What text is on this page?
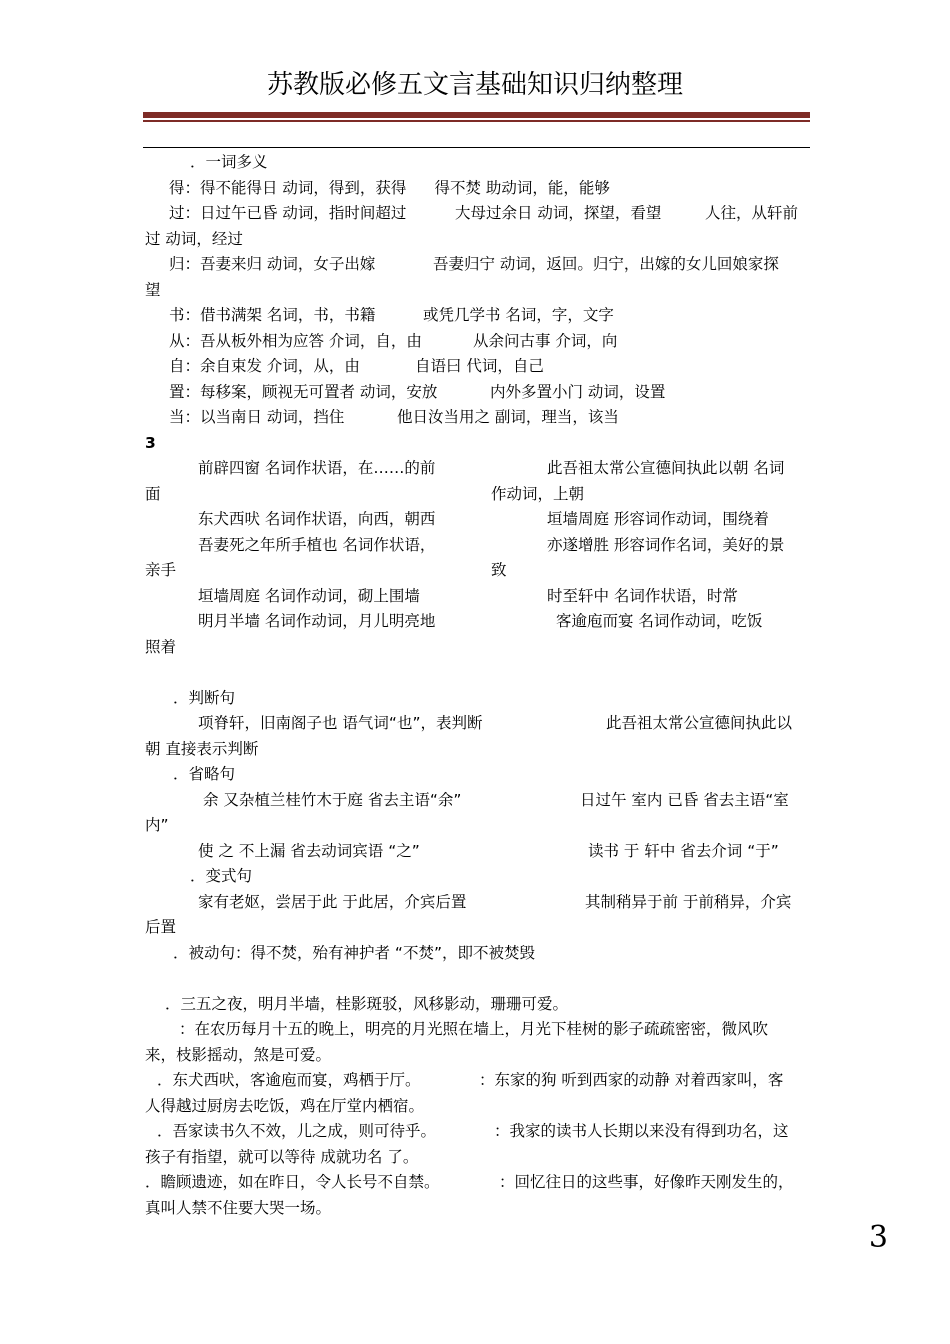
苏教版必修五文言基础知识归纳整理
．一词多义
得：得不能得日 动词，得到，获得 得不焚 助动词，能，能够
过：日过午已昏 动词，指时间超过	大母过余日 动词，探望，看望	人往，从轩前
过 动词，经过
归：吾妻来归 动词，女子出嫁	吾妻归宁 动词，返回。归宁，出嫁的女儿回娘家探
望
书：借书满架 名词，书，书籍	或凭几学书 名词，字，文字
从：吾从板外相为应答 介词，自，由	从余问古事 介词，向
自：余自束发 介词，从，由	自语曰 代词，自己
置：每移案，顾视无可置者 动词，安放	内外多置小门 动词，设置
当：以当南日 动词，挡住	他日汝当用之 副词，理当，该当
3
前辟四窗 名词作状语，在……的前	此吾祖太常公宣德间执此以朝 名词
面	作动词，上朝
东犬西吠 名词作状语，向西，朝西	垣墙周庭 形容词作动词，围绕着
吾妻死之年所手植也 名词作状语，	亦遂增胜 形容词作名词，美好的景
亲手	致
垣墙周庭 名词作动词，砌上围墙	时至轩中 名词作状语，时常
明月半墙 名词作动词，月儿明亮地	客逾庖而宴 名词作动词，吃饭
照着
．判断句
项脊轩，旧南阁子也 语气词“也”，表判断	此吾祖太常公宣德间执此以
朝 直接表示判断
．省略句
余 又杂植兰桂竹木于庭 省去主语“余”	日过午 室内 已昏 省去主语“室
内”
使 之 不上漏 省去动词宾语 “之”	读书 于 轩中 省去介词 “于”
．变式句
家有老妪，尝居于此 于此居，介宾后置	其制稍异于前 于前稍异，介宾
后置
．被动句：得不焚，殆有神护者 “不焚”，即不被焚毁
．三五之夜，明月半墙，桂影斑驳，风移影动，珊珊可爱。
：在农历每月十五的晚上，明亮的月光照在墙上，月光下桂树的影子疏疏密密，微风吹
来，枝影摇动，煞是可爱。
．东犬西吠，客逾庖而宴，鸡栖于厅。	：东家的狗 听到西家的动静 对着西家叫，客
人得越过厨房去吃饭，鸡在厅堂内栖宿。
．吾家读书久不效，儿之成，则可待乎。	：我家的读书人长期以来没有得到功名，这
孩子有指望，就可以等待 成就功名 了。
．瞻顾遗迹，如在昨日，令人长号不自禁。	：回忆往日的这些事，好像昨天刚发生的，
真叫人禁不住要大哭一场。
3
